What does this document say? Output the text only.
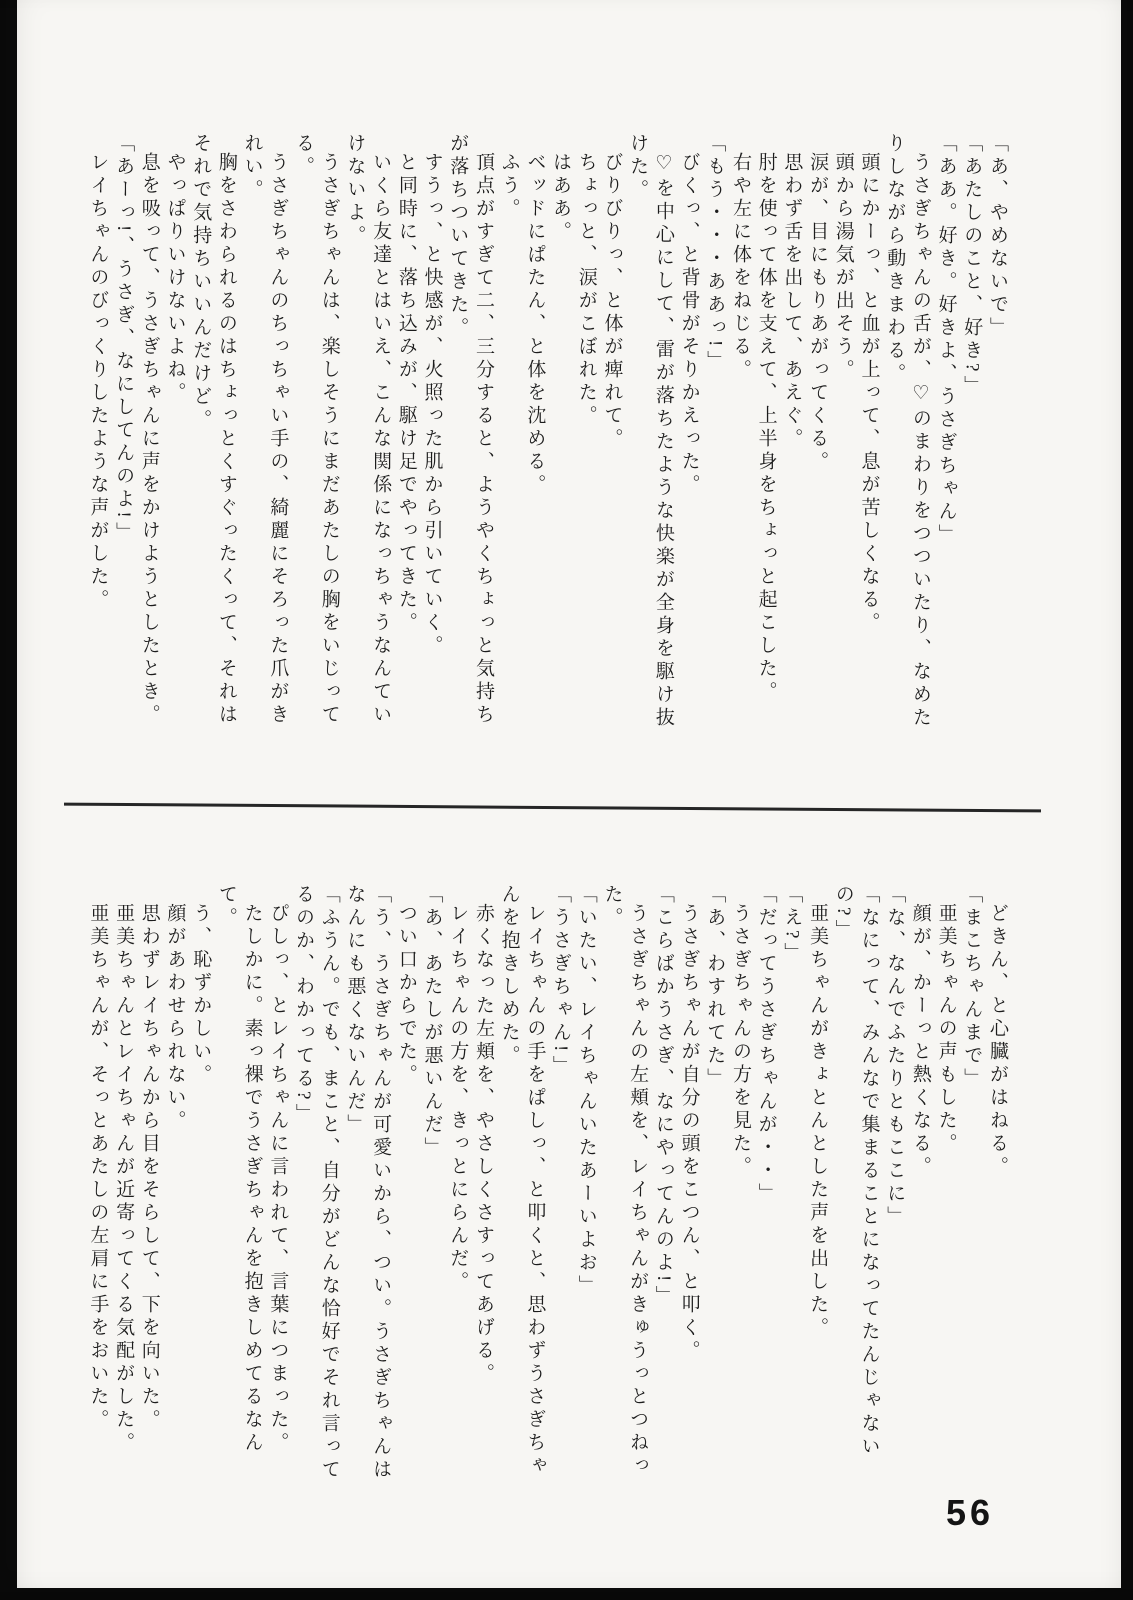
「あ、やめないで」

「あたしのこと、好き?」

「ああ。好き。好きよ、うさぎちゃん」

うさぎちゃんの舌が、♡のまわりをつついたり、なめたりしながら動きまわる。

頭にかーっ、と血が上って、息が苦しくなる。

頭から湯気が出そう。

涙が、目にもりあがってくる。

思わず舌を出して、あえぐ。

肘を使って体を支えて、上半身をちょっと起こした。

右や左に体をねじる。

「もう・・・ああっ!」

びくっ、と背骨がそりかえった。

♡を中心にして、雷が落ちたような快楽が全身を駆け抜けた。

びりびりっ、と体が痺れて。

ちょっと、涙がこぼれた。

はああ。

ベッドにぱたん、と体を沈める。

ふう。

頂点がすぎて二、三分すると、ようやくちょっと気持ちが落ちついてきた。

すうっ、と快感が、火照った肌から引いていく。

と同時に、落ち込みが、駆け足でやってきた。

いくら友達とはいえ、こんな関係になっちゃうなんていけないよ。

うさぎちゃんは、楽しそうにまだあたしの胸をいじってる。

うさぎちゃんのちっちゃい手の、綺麗にそろった爪がきれい。

胸をさわられるのはちょっとくすぐったくって、それはそれで気持ちいいんだけど。

やっぱりいけないよね。

息を吸って、うさぎちゃんに声をかけようとしたとき。

「あーっ!、うさぎ、なにしてんのよ!」

レイちゃんのびっくりしたような声がした。

どきん、と心臓がはねる。

「まこちゃんまで」

亜美ちゃんの声もした。

顔が、かーっと熱くなる。

「な、なんでふたりともここに」

「なにって、みんなで集まることになってたんじゃないの?」

亜美ちゃんがきょとんとした声を出した。

「え?」

「だってうさぎちゃんが・・」

うさぎちゃんの方を見た。

「あ、わすれてた」

うさぎちゃんが自分の頭をこつん、と叩く。

「こらばかうさぎ、なにやってんのよ!」

うさぎちゃんの左頬を、レイちゃんがきゅうっとつねった。

「いたい、レイちゃんいたあーいよお」

「うさぎちゃん!」

レイちゃんの手をぱしっ、と叩くと、思わずうさぎちゃんを抱きしめた。

赤くなった左頬を、やさしくさすってあげる。

レイちゃんの方を、きっとにらんだ。

「あ、あたしが悪いんだ」

つい口からでた。

「う、うさぎちゃんが可愛いから、つい。うさぎちゃんはなんにも悪くないんだ」

「ふうん。でも、まこと、自分がどんな恰好でそれ言ってるのか、わかってる?」

ぴしっ、とレイちゃんに言われて、言葉につまった。

たしかに。素っ裸でうさぎちゃんを抱きしめてるなんて。

う、恥ずかしい。

顔があわせられない。

思わずレイちゃんから目をそらして、下を向いた。

亜美ちゃんとレイちゃんが近寄ってくる気配がした。

亜美ちゃんが、そっとあたしの左肩に手をおいた。

56
